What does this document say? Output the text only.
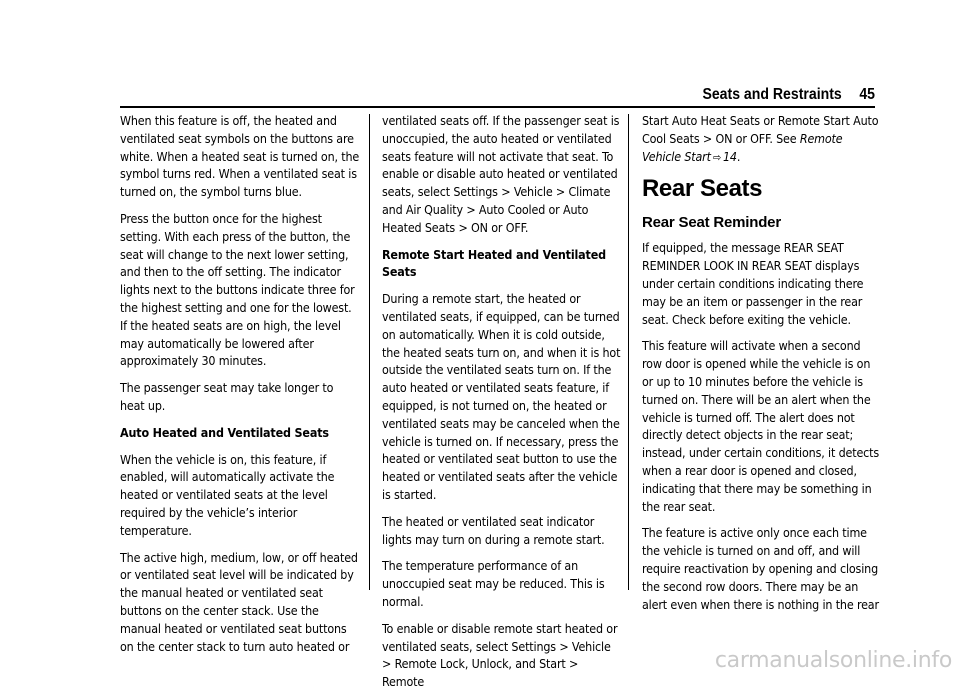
Seats and Restraints 45

When this feature is off, the heated and ventilated seat symbols on the buttons are white. When a heated seat is turned on, the symbol turns red. When a ventilated seat is turned on, the symbol turns blue.

Press the button once for the highest setting. With each press of the button, the seat will change to the next lower setting, and then to the off setting. The indicator lights next to the buttons indicate three for the highest setting and one for the lowest. If the heated seats are on high, the level may automatically be lowered after approximately 30 minutes.

The passenger seat may take longer to heat up.

Auto Heated and Ventilated Seats

When the vehicle is on, this feature, if enabled, will automatically activate the heated or ventilated seats at the level required by the vehicle’s interior temperature.

The active high, medium, low, or off heated or ventilated seat level will be indicated by the manual heated or ventilated seat buttons on the center stack. Use the manual heated or ventilated seat buttons on the center stack to turn auto heated or

ventilated seats off. If the passenger seat is unoccupied, the auto heated or ventilated seats feature will not activate that seat. To enable or disable auto heated or ventilated seats, select Settings > Vehicle > Climate and Air Quality > Auto Cooled or Auto Heated Seats > ON or OFF.

Remote Start Heated and Ventilated Seats

During a remote start, the heated or ventilated seats, if equipped, can be turned on automatically. When it is cold outside, the heated seats turn on, and when it is hot outside the ventilated seats turn on. If the auto heated or ventilated seats feature, if equipped, is not turned on, the heated or ventilated seats may be canceled when the vehicle is turned on. If necessary, press the heated or ventilated seat button to use the heated or ventilated seats after the vehicle is started.

The heated or ventilated seat indicator lights may turn on during a remote start.

The temperature performance of an unoccupied seat may be reduced. This is normal.

To enable or disable remote start heated or ventilated seats, select Settings > Vehicle > Remote Lock, Unlock, and Start > Remote

Start Auto Heat Seats or Remote Start Auto Cool Seats > ON or OFF. See Remote Vehicle Start ⇨ 14.

Rear Seats
Rear Seat Reminder

If equipped, the message REAR SEAT REMINDER LOOK IN REAR SEAT displays under certain conditions indicating there may be an item or passenger in the rear seat. Check before exiting the vehicle.

This feature will activate when a second row door is opened while the vehicle is on or up to 10 minutes before the vehicle is turned on. There will be an alert when the vehicle is turned off. The alert does not directly detect objects in the rear seat; instead, under certain conditions, it detects when a rear door is opened and closed, indicating that there may be something in the rear seat.

The feature is active only once each time the vehicle is turned on and off, and will require reactivation by opening and closing the second row doors. There may be an alert even when there is nothing in the rear

carmanualsonline.info
